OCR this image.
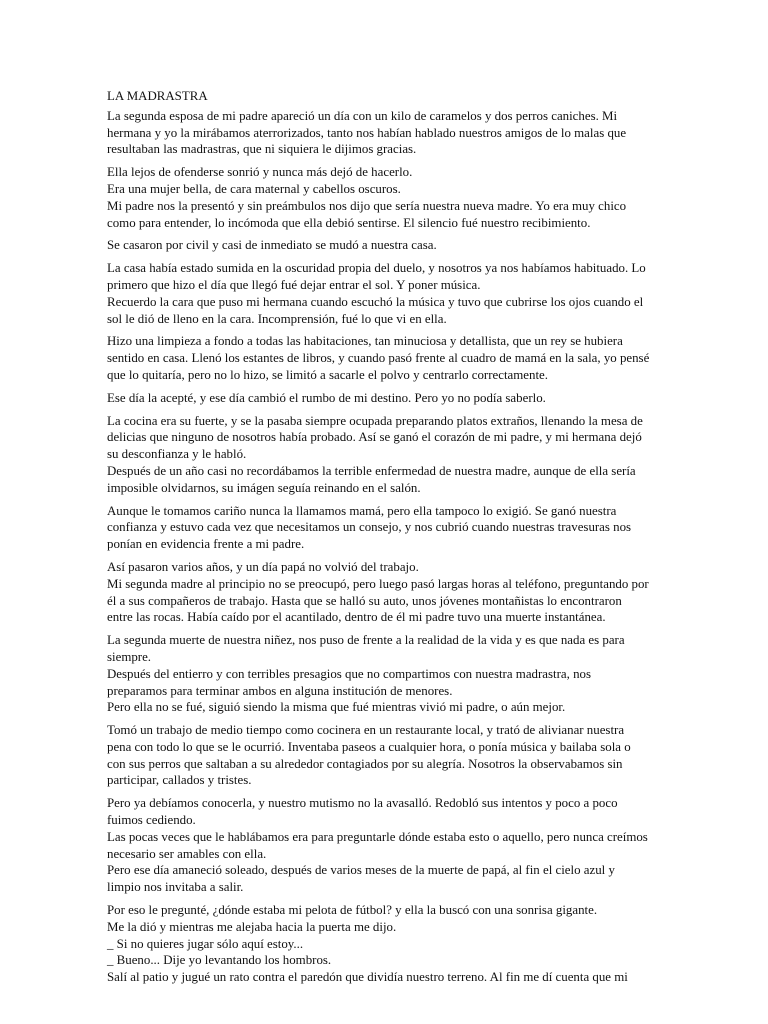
LA MADRASTRA
La segunda esposa de mi padre apareció un día con un kilo de caramelos y dos perros caniches. Mi
hermana y yo la mirábamos aterrorizados, tanto nos habían hablado nuestros amigos de lo malas que
resultaban las madrastras, que ni siquiera le dijimos gracias.
Ella lejos de ofenderse sonrió y nunca más dejó de hacerlo.
Era una mujer bella, de cara maternal y cabellos oscuros.
Mi padre nos la presentó y sin preámbulos nos dijo que sería nuestra nueva madre. Yo era muy chico
como para entender, lo incómoda que ella debió sentirse. El silencio fué nuestro recibimiento.
Se casaron por civil y casi de inmediato se mudó a nuestra casa.
La casa había estado sumida en la oscuridad propia del duelo, y nosotros ya nos habíamos habituado. Lo
primero que hizo el día que llegó fué dejar entrar el sol. Y poner música.
Recuerdo la cara que puso mi hermana cuando escuchó la música y tuvo que cubrirse los ojos cuando el
sol le dió de lleno en la cara. Incomprensión, fué lo que vi en ella.
Hizo una limpieza a fondo a todas las habitaciones, tan minuciosa y detallista, que un rey se hubiera
sentido en casa. Llenó los estantes de libros, y cuando pasó frente al cuadro de mamá en la sala, yo pensé
que lo quitaría, pero no lo hizo, se limitó a sacarle el polvo y centrarlo correctamente.
Ese día la acepté, y ese día cambió el rumbo de mi destino. Pero yo no podía saberlo.
La cocina era su fuerte, y se la pasaba siempre ocupada preparando platos extraños, llenando la mesa de
delicias que ninguno de nosotros había probado. Así se ganó el corazón de mi padre, y mi hermana dejó
su desconfianza y le habló.
Después de un año casi no recordábamos la terrible enfermedad de nuestra madre, aunque de ella sería
imposible olvidarnos, su imágen seguía reinando en el salón.
Aunque le tomamos cariño nunca la llamamos mamá, pero ella tampoco lo exigió. Se ganó nuestra
confianza y estuvo cada vez que necesitamos un consejo, y nos cubrió cuando nuestras travesuras nos
ponían en evidencia frente a mi padre.
Así pasaron varios años, y un día papá no volvió del trabajo.
Mi segunda madre al principio no se preocupó, pero luego pasó largas horas al teléfono, preguntando por
él a sus compañeros de trabajo. Hasta que se halló su auto, unos jóvenes montañistas lo encontraron
entre las rocas. Había caído por el acantilado, dentro de él mi padre tuvo una muerte instantánea.
La segunda muerte de nuestra niñez, nos puso de frente a la realidad de la vida y es que nada es para
siempre.
Después del entierro y con terribles presagios que no compartimos con nuestra madrastra, nos
preparamos para terminar ambos en alguna institución de menores.
Pero ella no se fué, siguió siendo la misma que fué mientras vivió mi padre, o aún mejor.
Tomó un trabajo de medio tiempo como cocinera en un restaurante local, y trató de alivianar nuestra
pena con todo lo que se le ocurrió. Inventaba paseos a cualquier hora, o ponía música y bailaba sola o
con sus perros que saltaban a su alrededor contagiados por su alegría. Nosotros la observabamos sin
participar, callados y tristes.
Pero ya debíamos conocerla, y nuestro mutismo no la avasalló. Redobló sus intentos y poco a poco
fuimos cediendo.
Las pocas veces que le hablábamos era para preguntarle dónde estaba esto o aquello, pero nunca creímos
necesario ser amables con ella.
Pero ese día amaneció soleado, después de varios meses de la muerte de papá, al fin el cielo azul y
limpio nos invitaba a salir.
Por eso le pregunté, ¿dónde estaba mi pelota de fútbol? y ella la buscó con una sonrisa gigante.
Me la dió y mientras me alejaba hacia la puerta me dijo.
_ Si no quieres jugar sólo aquí estoy...
_ Bueno... Dije yo levantando los hombros.
Salí al patio y jugué un rato contra el paredón que dividía nuestro terreno. Al fin me dí cuenta que mi
